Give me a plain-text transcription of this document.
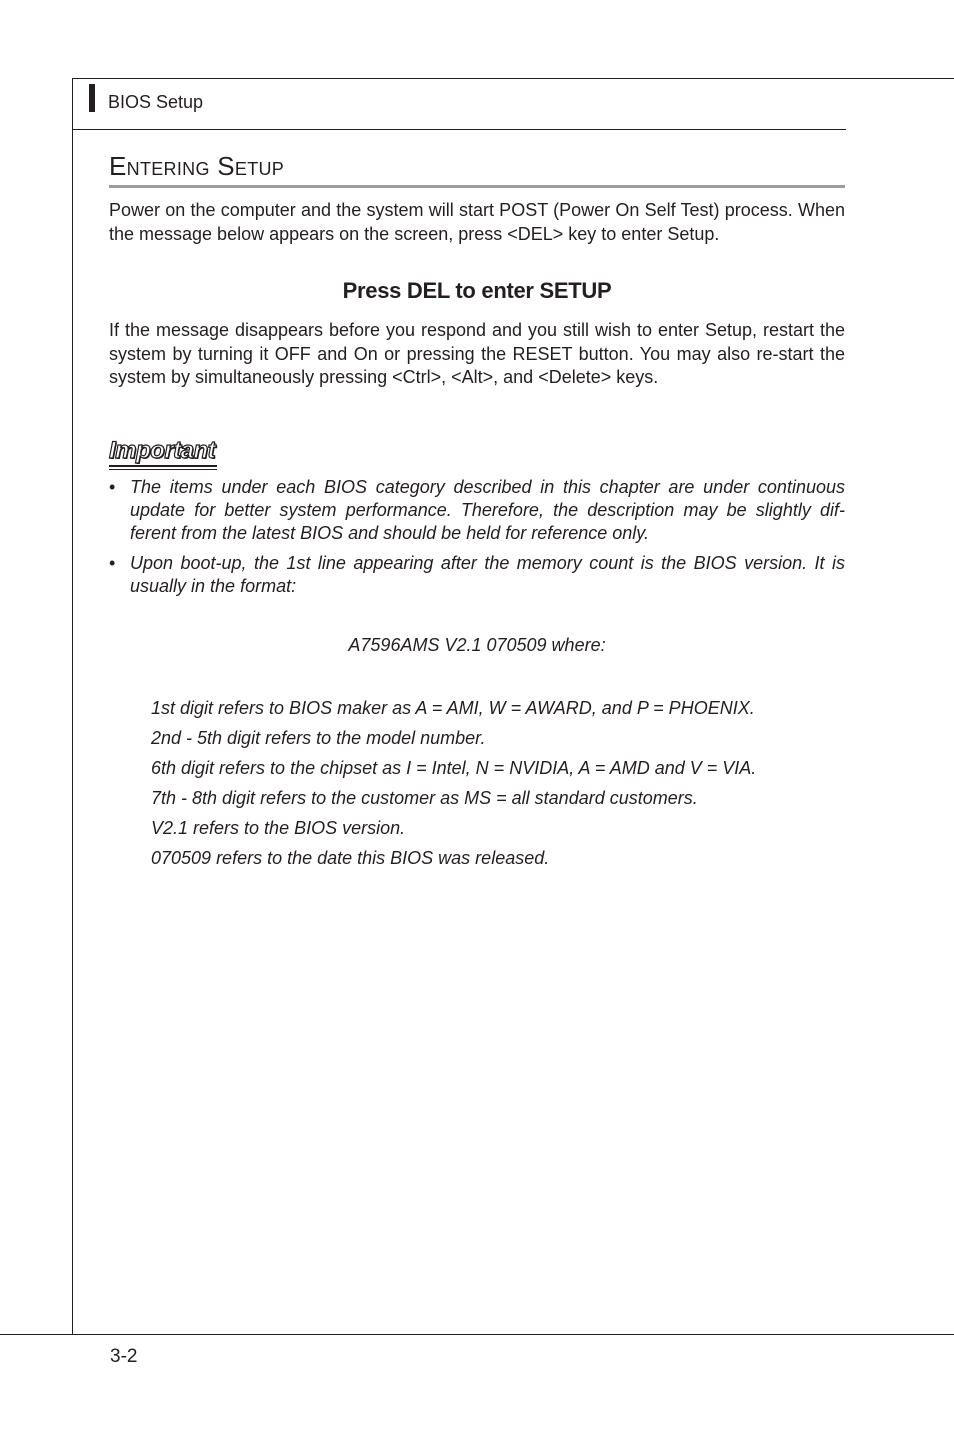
BIOS Setup
Entering Setup
Power on the computer and the system will start POST (Power On Self Test) process. When the message below appears on the screen, press <DEL> key to enter Setup.
Press DEL to enter SETUP
If the message disappears before you respond and you still wish to enter Setup, restart the system by turning it OFF and On or pressing the RESET button. You may also re-start the system by simultaneously pressing <Ctrl>, <Alt>, and <Delete> keys.
Important
• The items under each BIOS category described in this chapter are under continuous update for better system performance. Therefore, the description may be slightly dif-ferent from the latest BIOS and should be held for reference only.
• Upon boot-up, the 1st line appearing after the memory count is the BIOS version. It is usually in the format:
A7596AMS V2.1 070509 where:
1st digit refers to BIOS maker as A = AMI, W = AWARD, and P = PHOENIX.
2nd - 5th digit refers to the model number.
6th digit refers to the chipset as I = Intel, N = NVIDIA, A = AMD and V = VIA.
7th - 8th digit refers to the customer as MS = all standard customers.
V2.1 refers to the BIOS version.
070509 refers to the date this BIOS was released.
3-2
